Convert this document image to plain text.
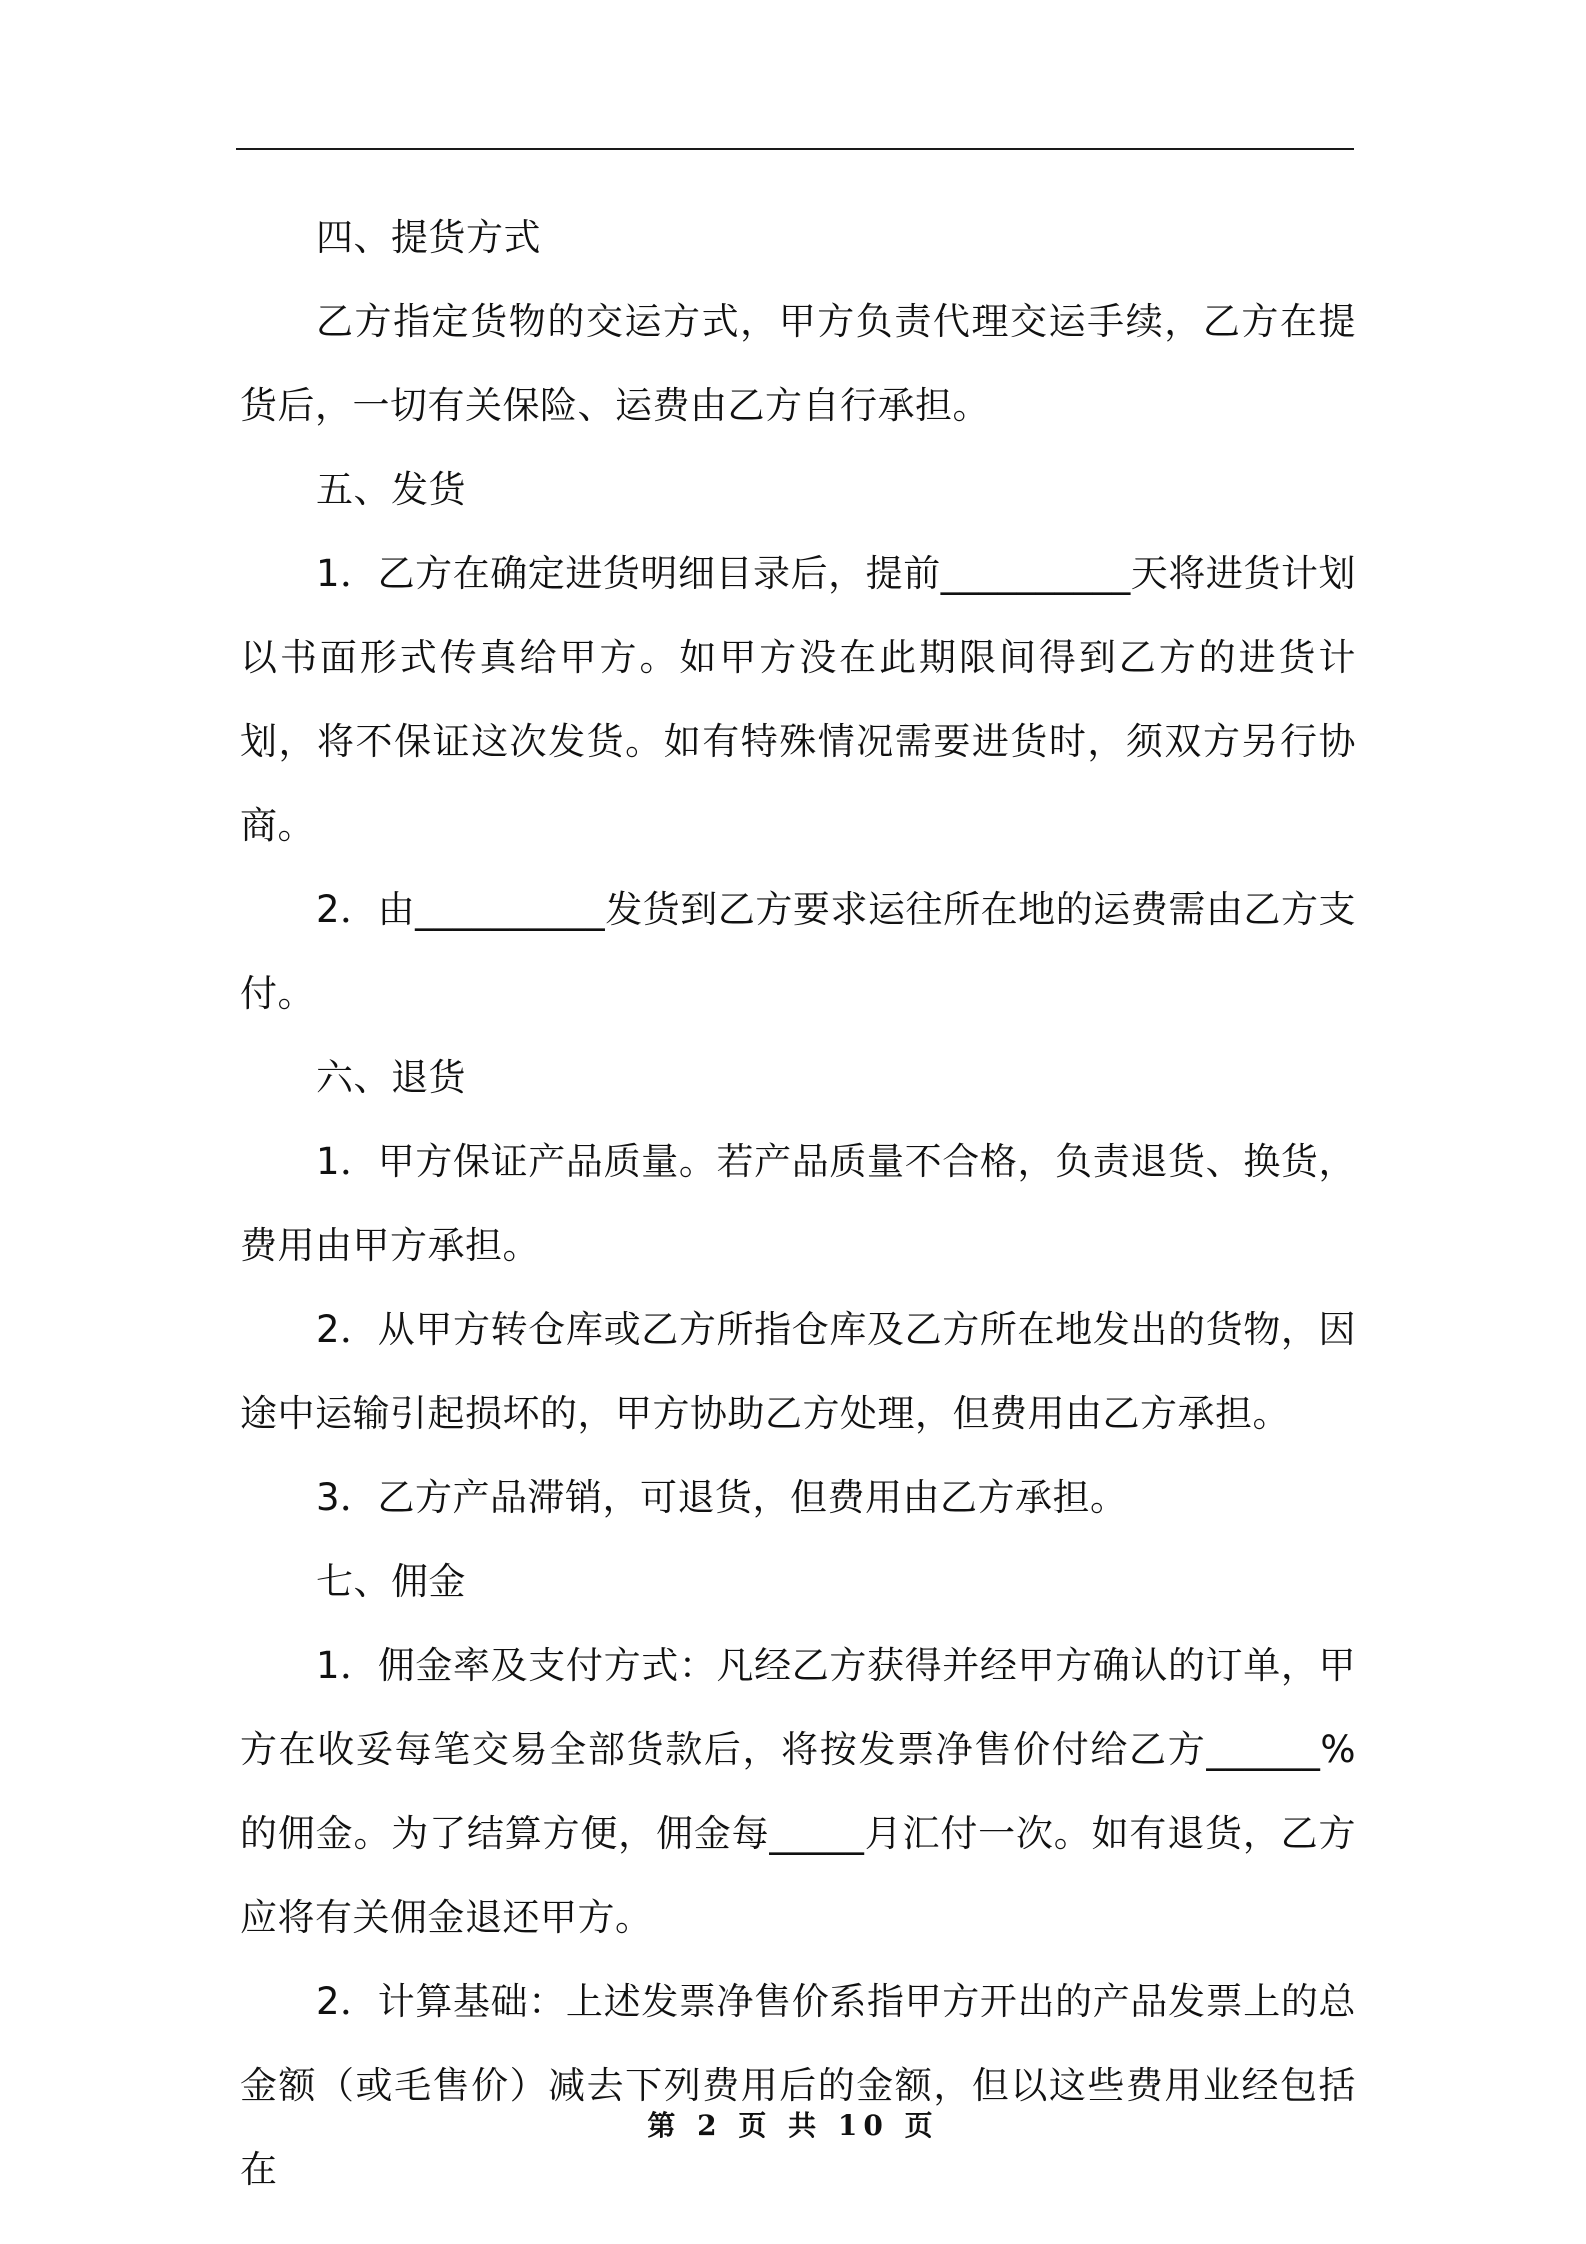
四、提货方式

乙方指定货物的交运方式，甲方负责代理交运手续，乙方在提货后，一切有关保险、运费由乙方自行承担。

五、发货

1．乙方在确定进货明细目录后，提前__________天将进货计划以书面形式传真给甲方。如甲方没在此期限间得到乙方的进货计划，将不保证这次发货。如有特殊情况需要进货时，须双方另行协商。

2．由__________发货到乙方要求运往所在地的运费需由乙方支付。

六、退货

1．甲方保证产品质量。若产品质量不合格，负责退货、换货，费用由甲方承担。

2．从甲方转仓库或乙方所指仓库及乙方所在地发出的货物，因途中运输引起损坏的，甲方协助乙方处理，但费用由乙方承担。

3．乙方产品滞销，可退货，但费用由乙方承担。

七、佣金

1．佣金率及支付方式：凡经乙方获得并经甲方确认的订单，甲方在收妥每笔交易全部货款后，将按发票净售价付给乙方______%的佣金。为了结算方便，佣金每_____月汇付一次。如有退货，乙方应将有关佣金退还甲方。

2．计算基础：上述发票净售价系指甲方开出的产品发票上的总金额（或毛售价）减去下列费用后的金额，但以这些费用业经包括在

第 2 页 共 10 页
